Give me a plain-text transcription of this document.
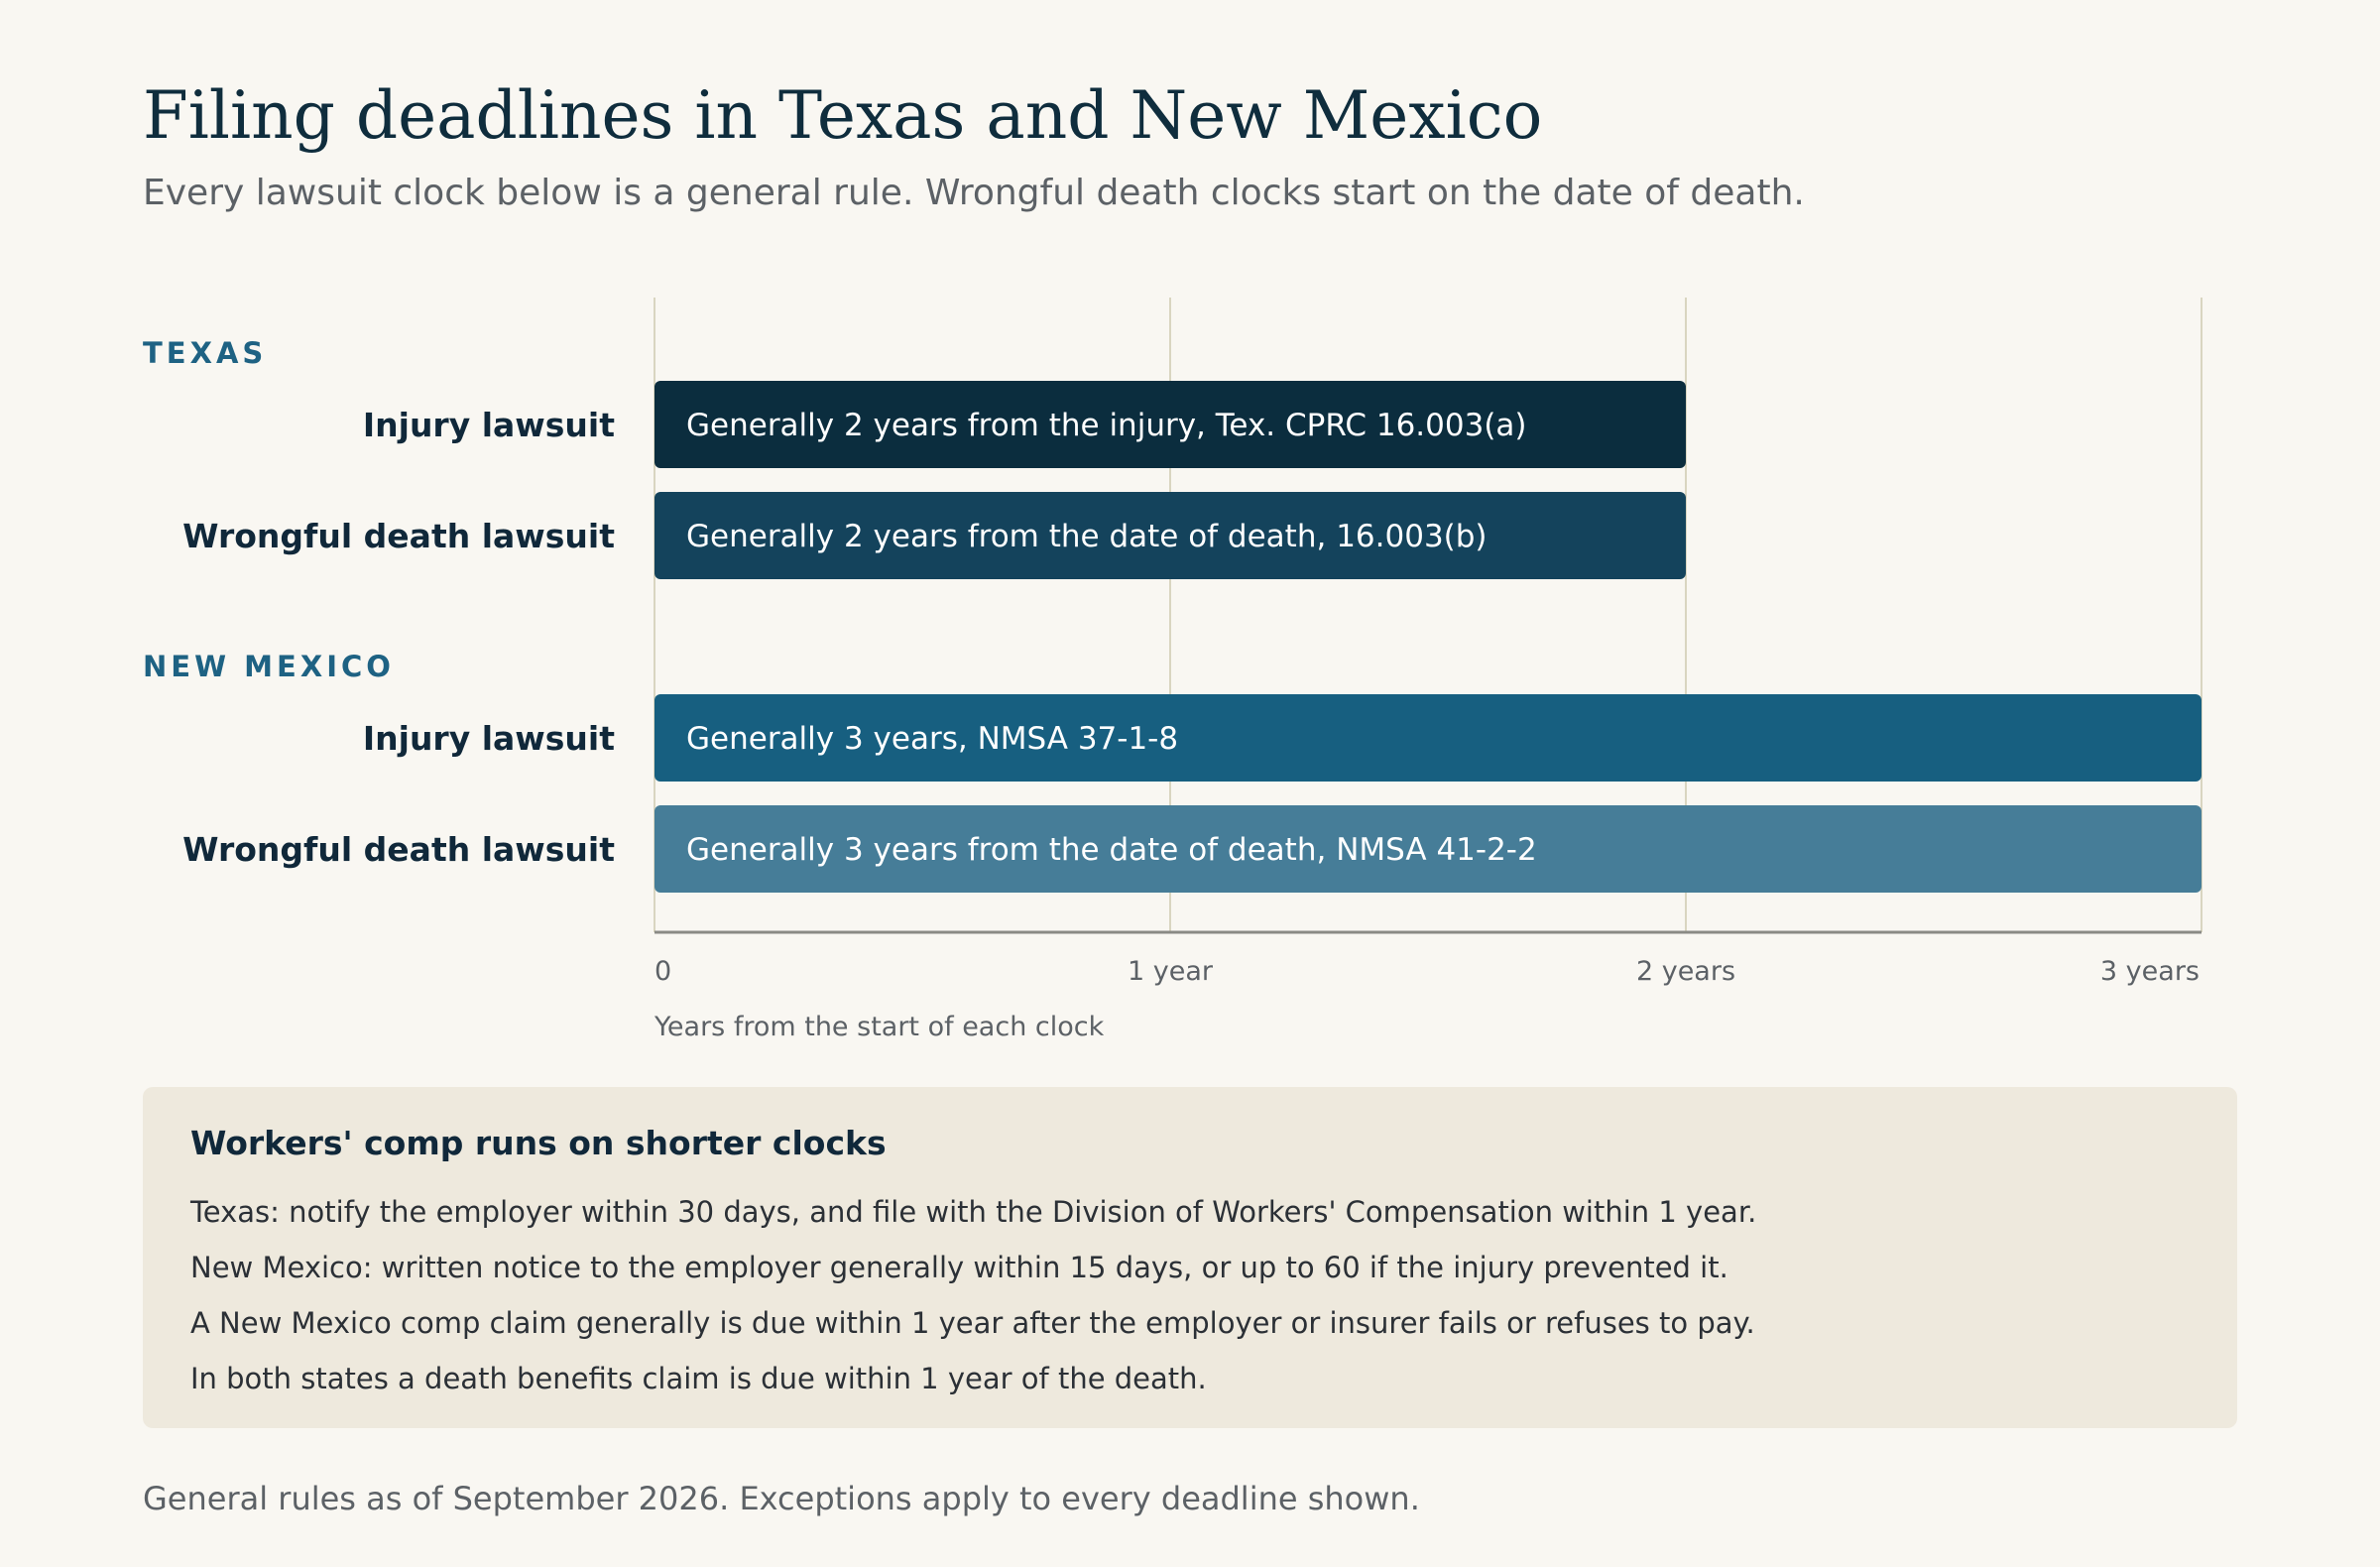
Filing deadlines in Texas and New Mexico
Every lawsuit clock below is a general rule. Wrongful death clocks start on the date of death.
TEXAS
Injury lawsuit Generally 2 years from the injury, Tex. CPRC 16.003(a)
Wrongful death lawsuit Generally 2 years from the date of death, 16.003(b)
NEW MEXICO
Injury lawsuit Generally 3 years, NMSA 37-1-8
Wrongful death lawsuit Generally 3 years from the date of death, NMSA 41-2-2
0	1 year	2 years	3 years
Years from the start of each clock
Workers' comp runs on shorter clocks
Texas: notify the employer within 30 days, and file with the Division of Workers' Compensation within 1 year.
New Mexico: written notice to the employer generally within 15 days, or up to 60 if the injury prevented it.
A New Mexico comp claim generally is due within 1 year after the employer or insurer fails or refuses to pay.
In both states a death benefits claim is due within 1 year of the death.
General rules as of September 2026. Exceptions apply to every deadline shown.
